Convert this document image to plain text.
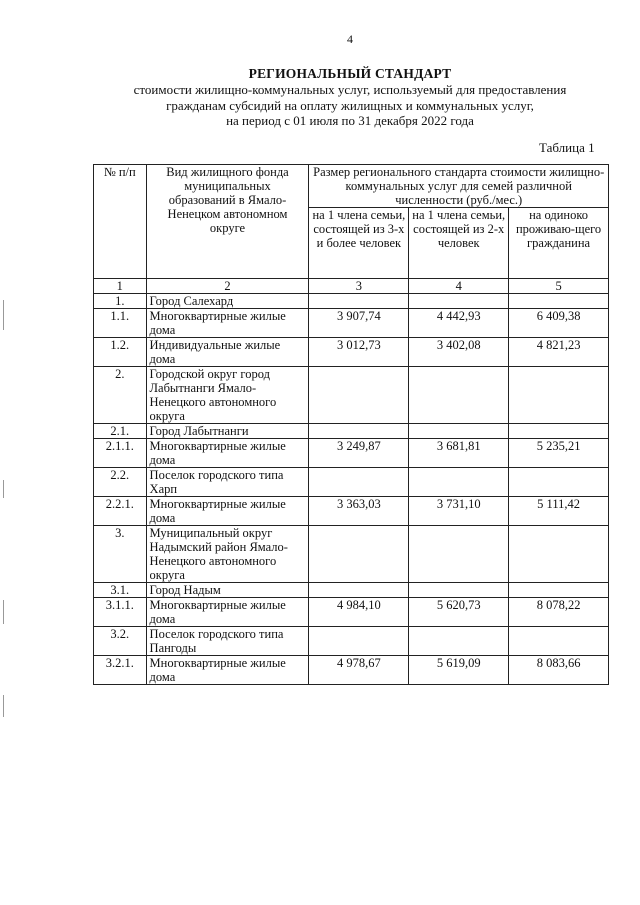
4
РЕГИОНАЛЬНЫЙ СТАНДАРТ
стоимости жилищно-коммунальных услуг, используемый для предоставления
гражданам субсидий на оплату жилищных и коммунальных услуг,
на период с 01 июля по 31 декабря 2022 года
Таблица 1
№ п/п	Вид жилищного фонда муниципальных образований в Ямало-Ненецком автономном округе	Размер регионального стандарта стоимости жилищно-коммунальных услуг для семей различной численности (руб./мес.)		
		на 1 члена семьи, состоящей из 3-х и более человек	на 1 члена семьи, состоящей из 2-х человек	на одиноко проживаю-щего гражданина
1	2	3	4	5
1.	Город Салехард			
1.1.	Многоквартирные жилые дома	3 907,74	4 442,93	6 409,38
1.2.	Индивидуальные жилые дома	3 012,73	3 402,08	4 821,23
2.	Городской округ город Лабытнанги Ямало-Ненецкого автономного округа			
2.1.	Город Лабытнанги			
2.1.1.	Многоквартирные жилые дома	3 249,87	3 681,81	5 235,21
2.2.	Поселок городского типа Харп			
2.2.1.	Многоквартирные жилые дома	3 363,03	3 731,10	5 111,42
3.	Муниципальный округ Надымский район Ямало-Ненецкого автономного округа			
3.1.	Город Надым			
3.1.1.	Многоквартирные жилые дома	4 984,10	5 620,73	8 078,22
3.2.	Поселок городского типа Пангоды			
3.2.1.	Многоквартирные жилые дома	4 978,67	5 619,09	8 083,66
